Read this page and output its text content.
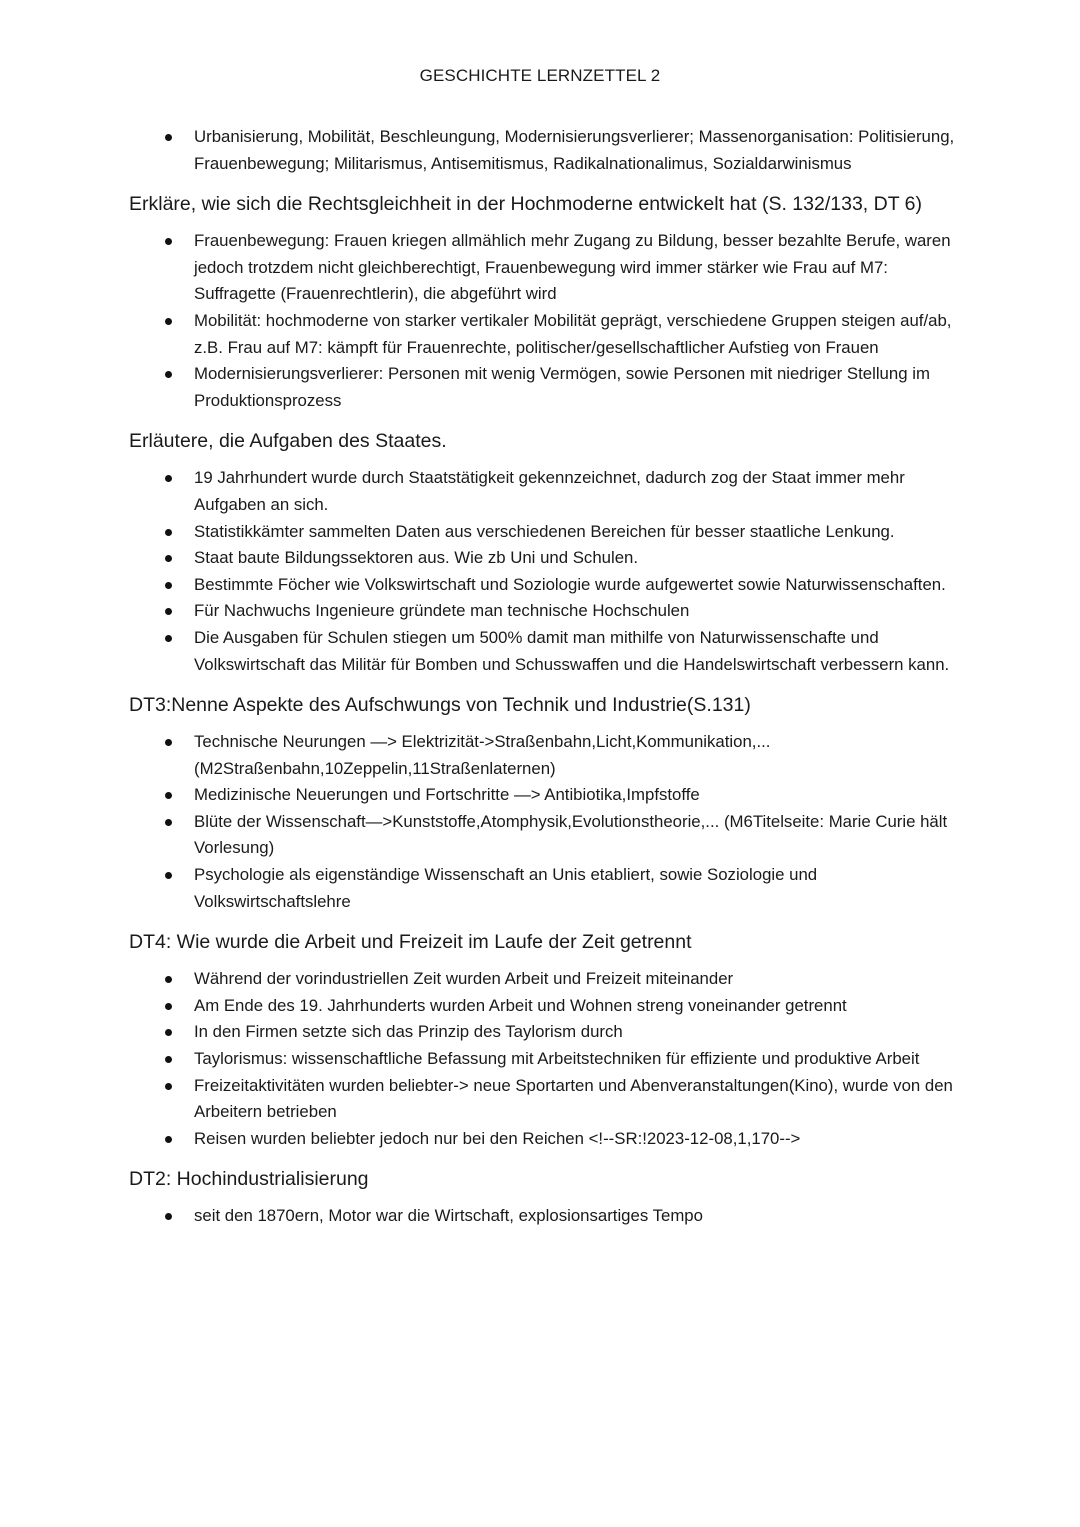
GESCHICHTE LERNZETTEL 2
Urbanisierung, Mobilität, Beschleungung, Modernisierungsverlierer; Massenorganisation: Politisierung, Frauenbewegung; Militarismus, Antisemitismus, Radikalnationalimus, Sozialdarwinismus
Erkläre, wie sich die Rechtsgleichheit in der Hochmoderne entwickelt hat (S. 132/133, DT 6)
Frauenbewegung: Frauen kriegen allmählich mehr Zugang zu Bildung, besser bezahlte Berufe, waren jedoch trotzdem nicht gleichberechtigt, Frauenbewegung wird immer stärker wie Frau auf M7: Suffragette (Frauenrechtlerin), die abgeführt wird
Mobilität: hochmoderne von starker vertikaler Mobilität geprägt, verschiedene Gruppen steigen auf/ab, z.B. Frau auf M7: kämpft für Frauenrechte, politischer/gesellschaftlicher Aufstieg von Frauen
Modernisierungsverlierer: Personen mit wenig Vermögen, sowie Personen mit niedriger Stellung im Produktionsprozess
Erläutere, die Aufgaben des Staates.
19 Jahrhundert wurde durch Staatstätigkeit gekennzeichnet, dadurch zog der Staat immer mehr Aufgaben an sich.
Statistikkämter sammelten Daten aus verschiedenen Bereichen für besser staatliche Lenkung.
Staat baute Bildungssektoren aus. Wie zb Uni und Schulen.
Bestimmte Föcher wie Volkswirtschaft und Soziologie wurde aufgewertet sowie Naturwissenschaften.
Für Nachwuchs Ingenieure gründete man technische Hochschulen
Die Ausgaben für Schulen stiegen um 500% damit man mithilfe von Naturwissenschafte und Volkswirtschaft das Militär für Bomben und Schusswaffen und die Handelswirtschaft verbessern kann.
DT3:Nenne Aspekte des Aufschwungs von Technik und Industrie(S.131)
Technische Neurungen —> Elektrizität->Straßenbahn,Licht,Kommunikation,... (M2Straßenbahn,10Zeppelin,11Straßenlaternen)
Medizinische Neuerungen und Fortschritte —> Antibiotika,Impfstoffe
Blüte der Wissenschaft—>Kunststoffe,Atomphysik,Evolutionstheorie,... (M6Titelseite: Marie Curie hält Vorlesung)
Psychologie als eigenständige Wissenschaft an Unis etabliert, sowie Soziologie und Volkswirtschaftslehre
DT4: Wie wurde die Arbeit und Freizeit im Laufe der Zeit getrennt
Während der vorindustriellen Zeit wurden Arbeit und Freizeit miteinander
Am Ende des 19. Jahrhunderts wurden Arbeit und Wohnen streng voneinander getrennt
In den Firmen setzte sich das Prinzip des Taylorism durch
Taylorismus: wissenschaftliche Befassung mit Arbeitstechniken für effiziente und produktive Arbeit
Freizeitaktivitäten wurden beliebter-> neue Sportarten und Abenveranstaltungen(Kino), wurde von den Arbeitern betrieben
Reisen wurden beliebter jedoch nur bei den Reichen <!--SR:!2023-12-08,1,170-->
DT2: Hochindustrialisierung
seit den 1870ern, Motor war die Wirtschaft, explosionsartiges Tempo
